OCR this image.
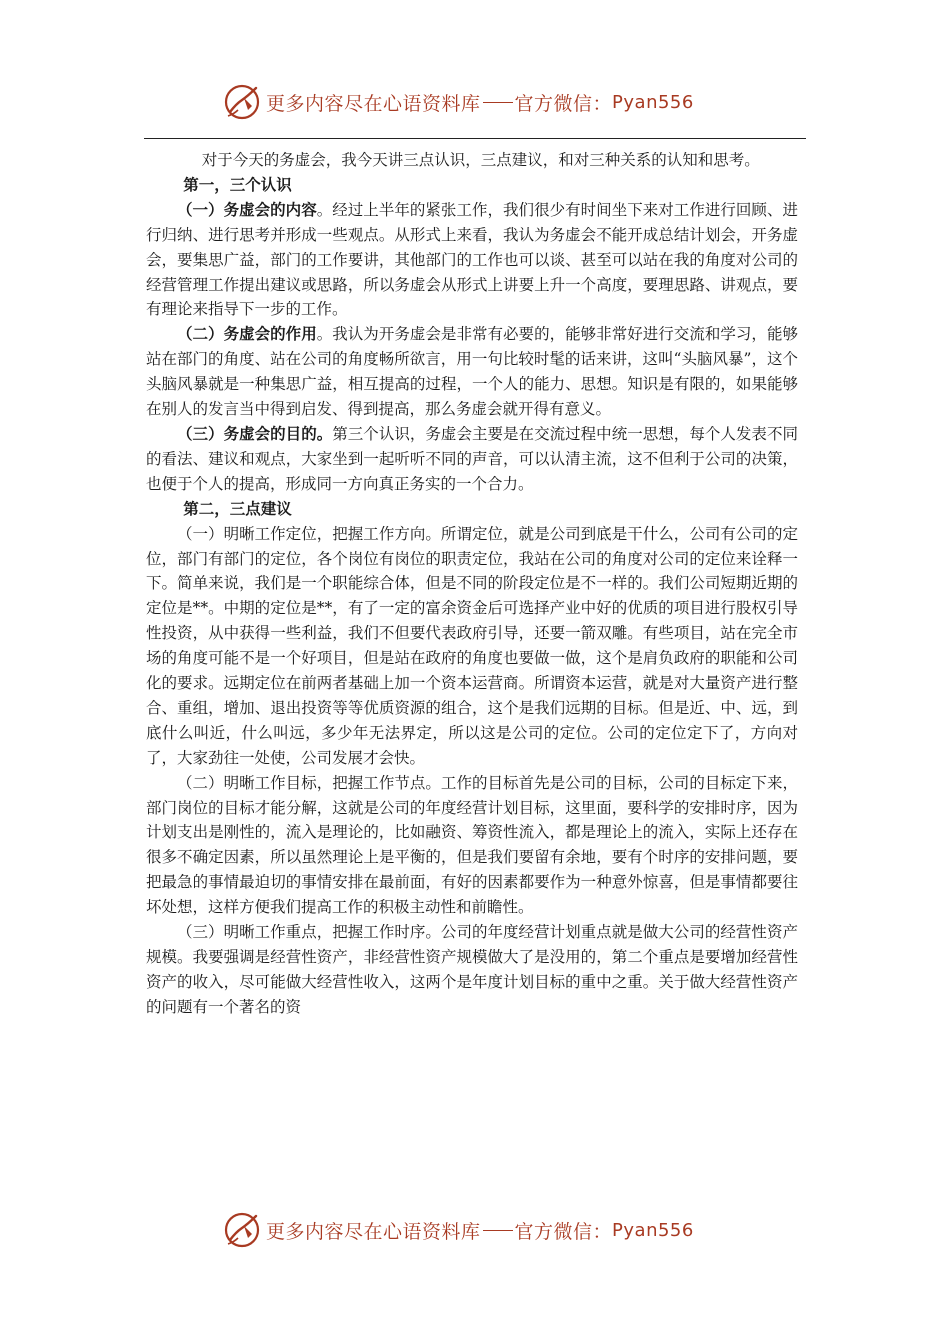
更多内容尽在心语资料库 官方微信： Pyan556

对于今天的务虚会，我今天讲三点认识，三点建议，和对三种关系的认知和思考。

第一，三个认识

（一）务虚会的内容。经过上半年的紧张工作，我们很少有时间坐下来对工作进行回顾、进行归纳、进行思考并形成一些观点。从形式上来看，我认为务虚会不能开成总结计划会，开务虚会，要集思广益，部门的工作要讲，其他部门的工作也可以谈、甚至可以站在我的角度对公司的经营管理工作提出建议或思路，所以务虚会从形式上讲要上升一个高度，要理思路、讲观点，要有理论来指导下一步的工作。

（二）务虚会的作用。我认为开务虚会是非常有必要的，能够非常好进行交流和学习，能够站在部门的角度、站在公司的角度畅所欲言，用一句比较时髦的话来讲，这叫“头脑风暴”，这个头脑风暴就是一种集思广益，相互提高的过程，一个人的能力、思想。知识是有限的，如果能够在别人的发言当中得到启发、得到提高，那么务虚会就开得有意义。

（三）务虚会的目的。第三个认识，务虚会主要是在交流过程中统一思想，每个人发表不同的看法、建议和观点，大家坐到一起听听不同的声音，可以认清主流，这不但利于公司的决策，也便于个人的提高，形成同一方向真正务实的一个合力。

第二，三点建议

（一）明晰工作定位，把握工作方向。所谓定位，就是公司到底是干什么，公司有公司的定位，部门有部门的定位，各个岗位有岗位的职责定位，我站在公司的角度对公司的定位来诠释一下。简单来说，我们是一个职能综合体，但是不同的阶段定位是不一样的。我们公司短期近期的定位是**。中期的定位是**，有了一定的富余资金后可选择产业中好的优质的项目进行股权引导性投资，从中获得一些利益，我们不但要代表政府引导，还要一箭双雕。有些项目，站在完全市场的角度可能不是一个好项目，但是站在政府的角度也要做一做，这个是肩负政府的职能和公司化的要求。远期定位在前两者基础上加一个资本运营商。所谓资本运营，就是对大量资产进行整合、重组，增加、退出投资等等优质资源的组合，这个是我们远期的目标。但是近、中、远，到底什么叫近，什么叫远，多少年无法界定，所以这是公司的定位。公司的定位定下了，方向对了，大家劲往一处使，公司发展才会快。

（二）明晰工作目标，把握工作节点。工作的目标首先是公司的目标，公司的目标定下来，部门岗位的目标才能分解，这就是公司的年度经营计划目标，这里面，要科学的安排时序，因为计划支出是刚性的，流入是理论的，比如融资、筹资性流入，都是理论上的流入，实际上还存在很多不确定因素，所以虽然理论上是平衡的，但是我们要留有余地，要有个时序的安排问题，要把最急的事情最迫切的事情安排在最前面，有好的因素都要作为一种意外惊喜，但是事情都要往坏处想，这样方便我们提高工作的积极主动性和前瞻性。

（三）明晰工作重点，把握工作时序。公司的年度经营计划重点就是做大公司的经营性资产规模。我要强调是经营性资产，非经营性资产规模做大了是没用的，第二个重点是要增加经营性资产的收入，尽可能做大经营性收入，这两个是年度计划目标的重中之重。关于做大经营性资产的问题有一个著名的资

更多内容尽在心语资料库 官方微信： Pyan556
